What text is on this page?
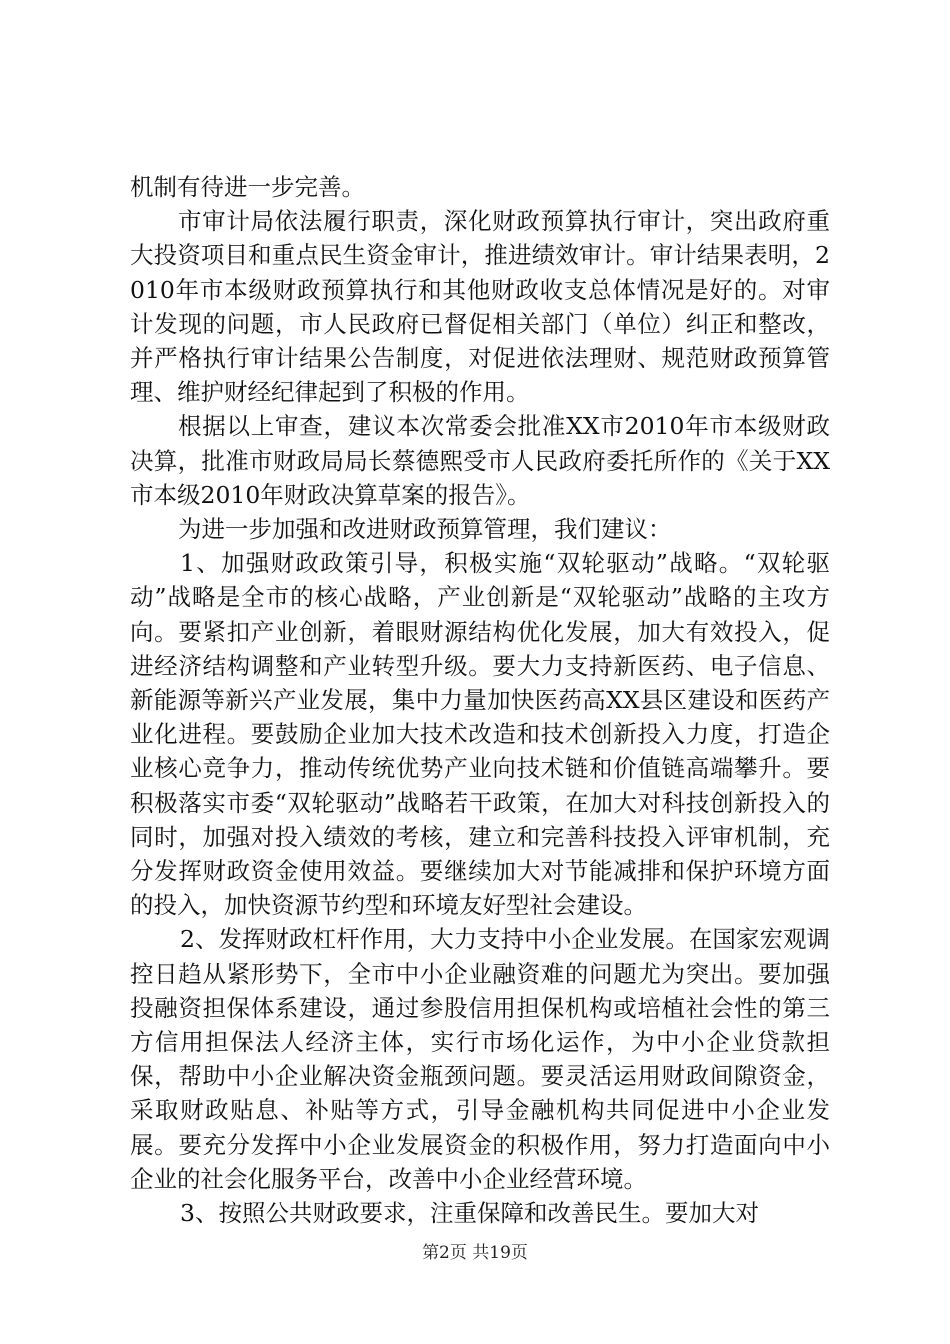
机制有待进一步完善。

市审计局依法履行职责，深化财政预算执行审计，突出政府重大投资项目和重点民生资金审计，推进绩效审计。审计结果表明，2010年市本级财政预算执行和其他财政收支总体情况是好的。对审计发现的问题，市人民政府已督促相关部门（单位）纠正和整改，并严格执行审计结果公告制度，对促进依法理财、规范财政预算管理、维护财经纪律起到了积极的作用。

根据以上审查，建议本次常委会批准XX市2010年市本级财政决算，批准市财政局局长蔡德熙受市人民政府委托所作的《关于XX市本级2010年财政决算草案的报告》。

为进一步加强和改进财政预算管理，我们建议：

1、加强财政政策引导，积极实施“双轮驱动”战略。“双轮驱动”战略是全市的核心战略，产业创新是“双轮驱动”战略的主攻方向。要紧扣产业创新，着眼财源结构优化发展，加大有效投入，促进经济结构调整和产业转型升级。要大力支持新医药、电子信息、新能源等新兴产业发展，集中力量加快医药高XX县区建设和医药产业化进程。要鼓励企业加大技术改造和技术创新投入力度，打造企业核心竞争力，推动传统优势产业向技术链和价值链高端攀升。要积极落实市委“双轮驱动”战略若干政策，在加大对科技创新投入的同时，加强对投入绩效的考核，建立和完善科技投入评审机制，充分发挥财政资金使用效益。要继续加大对节能减排和保护环境方面的投入，加快资源节约型和环境友好型社会建设。

2、发挥财政杠杆作用，大力支持中小企业发展。在国家宏观调控日趋从紧形势下，全市中小企业融资难的问题尤为突出。要加强投融资担保体系建设，通过参股信用担保机构或培植社会性的第三方信用担保法人经济主体，实行市场化运作，为中小企业贷款担保，帮助中小企业解决资金瓶颈问题。要灵活运用财政间隙资金，采取财政贴息、补贴等方式，引导金融机构共同促进中小企业发展。要充分发挥中小企业发展资金的积极作用，努力打造面向中小企业的社会化服务平台，改善中小企业经营环境。

3、按照公共财政要求，注重保障和改善民生。要加大对

第2页 共19页
